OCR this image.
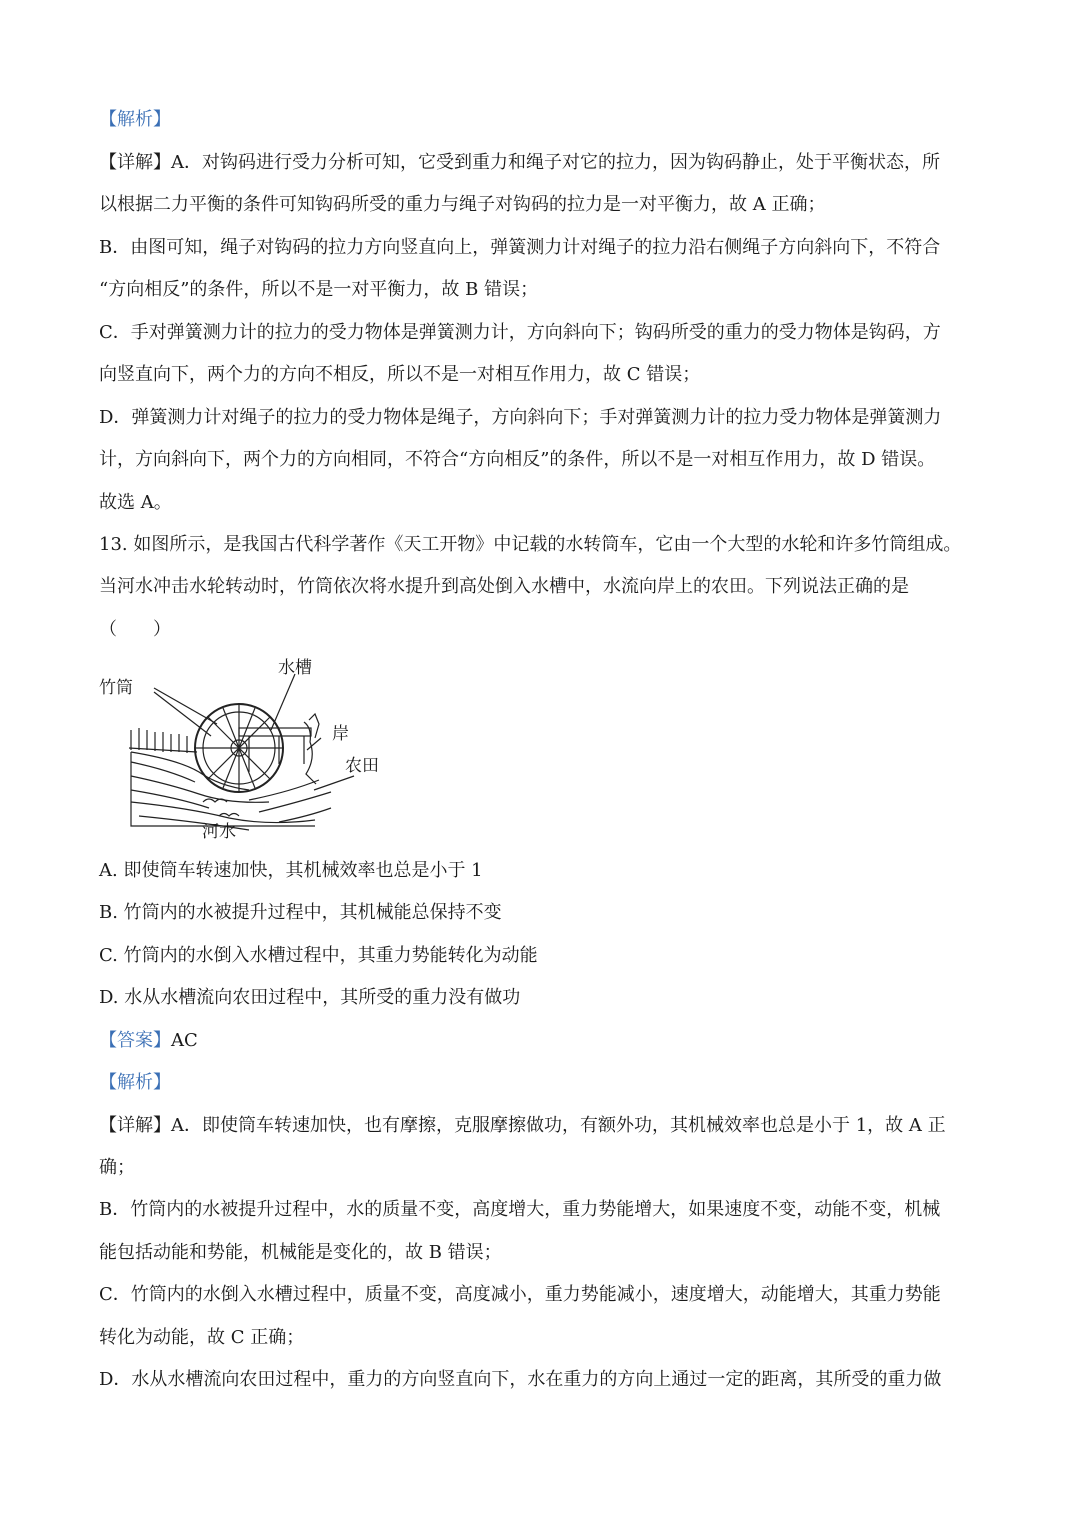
【解析】
【详解】A．对钩码进行受力分析可知，它受到重力和绳子对它的拉力，因为钩码静止，处于平衡状态，所
以根据二力平衡的条件可知钩码所受的重力与绳子对钩码的拉力是一对平衡力，故 A 正确；
B．由图可知，绳子对钩码的拉力方向竖直向上，弹簧测力计对绳子的拉力沿右侧绳子方向斜向下，不符合
“方向相反”的条件，所以不是一对平衡力，故 B 错误；
C．手对弹簧测力计的拉力的受力物体是弹簧测力计，方向斜向下；钩码所受的重力的受力物体是钩码，方
向竖直向下，两个力的方向不相反，所以不是一对相互作用力，故 C 错误；
D．弹簧测力计对绳子的拉力的受力物体是绳子，方向斜向下；手对弹簧测力计的拉力受力物体是弹簧测力
计，方向斜向下，两个力的方向相同，不符合“方向相反”的条件，所以不是一对相互作用力，故 D 错误。
故选 A。
13. 如图所示，是我国古代科学著作《天工开物》中记载的水转筒车，它由一个大型的水轮和许多竹筒组成。
当河水冲击水轮转动时，竹筒依次将水提升到高处倒入水槽中，水流向岸上的农田。下列说法正确的是
（　　）
竹筒
水槽
岸
农田
河水
A. 即使筒车转速加快，其机械效率也总是小于 1
B. 竹筒内的水被提升过程中，其机械能总保持不变
C. 竹筒内的水倒入水槽过程中，其重力势能转化为动能
D. 水从水槽流向农田过程中，其所受的重力没有做功
【答案】AC
【解析】
【详解】A．即使筒车转速加快，也有摩擦，克服摩擦做功，有额外功，其机械效率也总是小于 1，故 A 正
确；
B．竹筒内的水被提升过程中，水的质量不变，高度增大，重力势能增大，如果速度不变，动能不变，机械
能包括动能和势能，机械能是变化的，故 B 错误；
C．竹筒内的水倒入水槽过程中，质量不变，高度减小，重力势能减小，速度增大，动能增大，其重力势能
转化为动能，故 C 正确；
D．水从水槽流向农田过程中，重力的方向竖直向下，水在重力的方向上通过一定的距离，其所受的重力做
